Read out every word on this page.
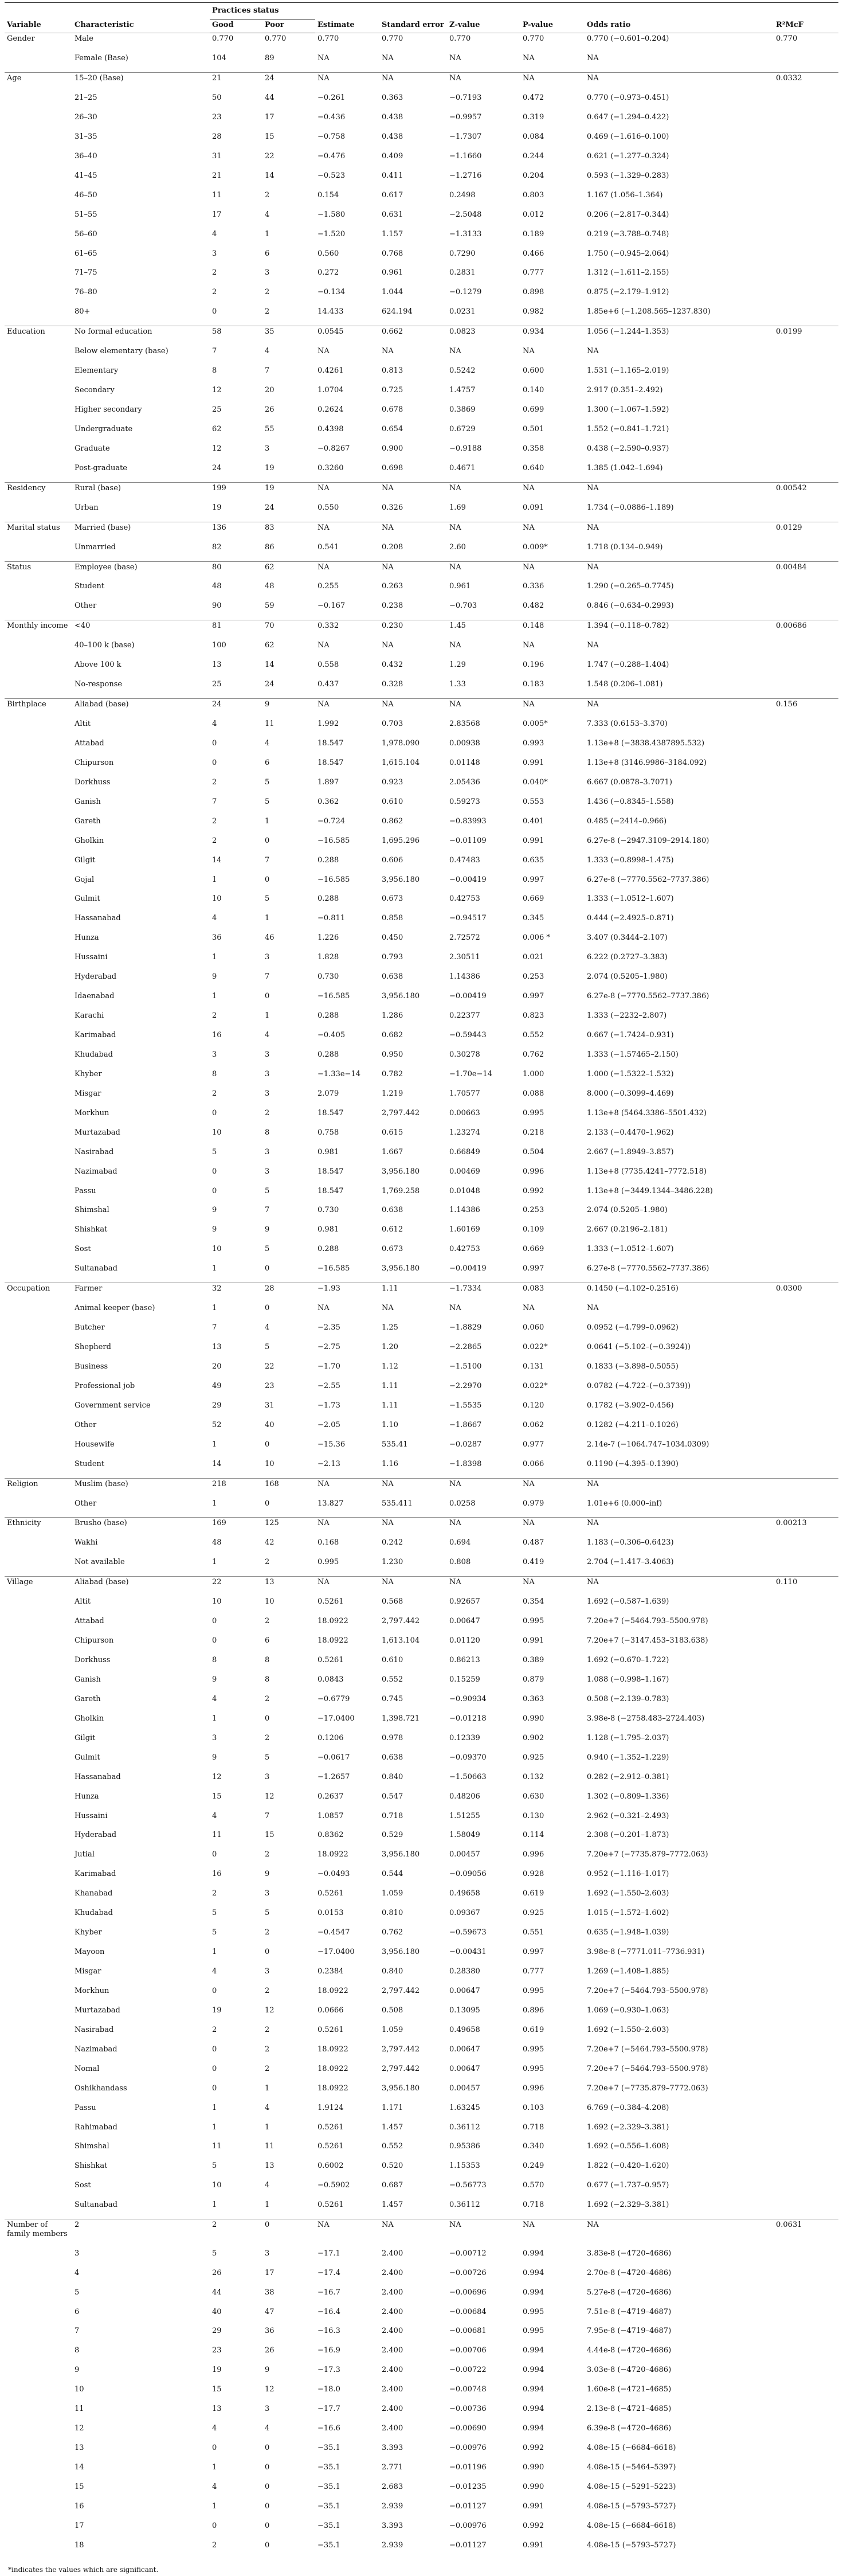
Variable	Characteristic	Practices status		Estimate	Standard error	Z-value	P-value	Odds ratio	R²McF
		Good	Poor						
Gender	Male	0.770	0.770	0.770	0.770	0.770	0.770	0.770 (−0.601–0.204)	0.770
	Female (Base)	104	89	NA	NA	NA	NA	NA	
Age	15–20 (Base)	21	24	NA	NA	NA	NA	NA	0.0332
	21–25	50	44	−0.261	0.363	−0.7193	0.472	0.770 (−0.973–0.451)	
	26–30	23	17	−0.436	0.438	−0.9957	0.319	0.647 (−1.294–0.422)	
	31–35	28	15	−0.758	0.438	−1.7307	0.084	0.469 (−1.616–0.100)	
	36–40	31	22	−0.476	0.409	−1.1660	0.244	0.621 (−1.277–0.324)	
	41–45	21	14	−0.523	0.411	−1.2716	0.204	0.593 (−1.329–0.283)	
	46–50	11	2	0.154	0.617	0.2498	0.803	1.167 (1.056–1.364)	
	51–55	17	4	−1.580	0.631	−2.5048	0.012	0.206 (−2.817–0.344)	
	56–60	4	1	−1.520	1.157	−1.3133	0.189	0.219 (−3.788–0.748)	
	61–65	3	6	0.560	0.768	0.7290	0.466	1.750 (−0.945–2.064)	
	71–75	2	3	0.272	0.961	0.2831	0.777	1.312 (−1.611–2.155)	
	76–80	2	2	−0.134	1.044	−0.1279	0.898	0.875 (−2.179–1.912)	
	80+	0	2	14.433	624.194	0.0231	0.982	1.85e+6 (−1.208.565–1237.830)	
Education	No formal education	58	35	0.0545	0.662	0.0823	0.934	1.056 (−1.244–1.353)	0.0199
	Below elementary (base)	7	4	NA	NA	NA	NA	NA	
	Elementary	8	7	0.4261	0.813	0.5242	0.600	1.531 (−1.165–2.019)	
	Secondary	12	20	1.0704	0.725	1.4757	0.140	2.917 (0.351–2.492)	
	Higher secondary	25	26	0.2624	0.678	0.3869	0.699	1.300 (−1.067–1.592)	
	Undergraduate	62	55	0.4398	0.654	0.6729	0.501	1.552 (−0.841–1.721)	
	Graduate	12	3	−0.8267	0.900	−0.9188	0.358	0.438 (−2.590–0.937)	
	Post-graduate	24	19	0.3260	0.698	0.4671	0.640	1.385 (1.042–1.694)	
Residency	Rural (base)	199	19	NA	NA	NA	NA	NA	0.00542
	Urban	19	24	0.550	0.326	1.69	0.091	1.734 (−0.0886–1.189)	
Marital status	Married (base)	136	83	NA	NA	NA	NA	NA	0.0129
	Unmarried	82	86	0.541	0.208	2.60	0.009*	1.718 (0.134–0.949)	
Status	Employee (base)	80	62	NA	NA	NA	NA	NA	0.00484
	Student	48	48	0.255	0.263	0.961	0.336	1.290 (−0.265–0.7745)	
	Other	90	59	−0.167	0.238	−0.703	0.482	0.846 (−0.634–0.2993)	
Monthly income	<40	81	70	0.332	0.230	1.45	0.148	1.394 (−0.118–0.782)	0.00686
	40–100 k (base)	100	62	NA	NA	NA	NA	NA	
	Above 100 k	13	14	0.558	0.432	1.29	0.196	1.747 (−0.288–1.404)	
	No-response	25	24	0.437	0.328	1.33	0.183	1.548 (0.206–1.081)	
Birthplace	Aliabad (base)	24	9	NA	NA	NA	NA	NA	0.156
	Altit	4	11	1.992	0.703	2.83568	0.005*	7.333 (0.6153–3.370)	
	Attabad	0	4	18.547	1,978.090	0.00938	0.993	1.13e+8 (−3838.4387895.532)	
	Chipurson	0	6	18.547	1,615.104	0.01148	0.991	1.13e+8 (3146.9986–3184.092)	
	Dorkhuss	2	5	1.897	0.923	2.05436	0.040*	6.667 (0.0878–3.7071)	
	Ganish	7	5	0.362	0.610	0.59273	0.553	1.436 (−0.8345–1.558)	
	Gareth	2	1	−0.724	0.862	−0.83993	0.401	0.485 (−2414–0.966)	
	Gholkin	2	0	−16.585	1,695.296	−0.01109	0.991	6.27e-8 (−2947.3109–2914.180)	
	Gilgit	14	7	0.288	0.606	0.47483	0.635	1.333 (−0.8998–1.475)	
	Gojal	1	0	−16.585	3,956.180	−0.00419	0.997	6.27e-8 (−7770.5562–7737.386)	
	Gulmit	10	5	0.288	0.673	0.42753	0.669	1.333 (−1.0512–1.607)	
	Hassanabad	4	1	−0.811	0.858	−0.94517	0.345	0.444 (−2.4925–0.871)	
	Hunza	36	46	1.226	0.450	2.72572	0.006 *	3.407 (0.3444–2.107)	
	Hussaini	1	3	1.828	0.793	2.30511	0.021	6.222 (0.2727–3.383)	
	Hyderabad	9	7	0.730	0.638	1.14386	0.253	2.074 (0.5205–1.980)	
	Idaenabad	1	0	−16.585	3,956.180	−0.00419	0.997	6.27e-8 (−7770.5562–7737.386)	
	Karachi	2	1	0.288	1.286	0.22377	0.823	1.333 (−2232–2.807)	
	Karimabad	16	4	−0.405	0.682	−0.59443	0.552	0.667 (−1.7424–0.931)	
	Khudabad	3	3	0.288	0.950	0.30278	0.762	1.333 (−1.57465–2.150)	
	Khyber	8	3	−1.33e−14	0.782	−1.70e−14	1.000	1.000 (−1.5322–1.532)	
	Misgar	2	3	2.079	1.219	1.70577	0.088	8.000 (−0.3099–4.469)	
	Morkhun	0	2	18.547	2,797.442	0.00663	0.995	1.13e+8 (5464.3386–5501.432)	
	Murtazabad	10	8	0.758	0.615	1.23274	0.218	2.133 (−0.4470–1.962)	
	Nasirabad	5	3	0.981	1.667	0.66849	0.504	2.667 (−1.8949–3.857)	
	Nazimabad	0	3	18.547	3,956.180	0.00469	0.996	1.13e+8 (7735.4241–7772.518)	
	Passu	0	5	18.547	1,769.258	0.01048	0.992	1.13e+8 (−3449.1344–3486.228)	
	Shimshal	9	7	0.730	0.638	1.14386	0.253	2.074 (0.5205–1.980)	
	Shishkat	9	9	0.981	0.612	1.60169	0.109	2.667 (0.2196–2.181)	
	Sost	10	5	0.288	0.673	0.42753	0.669	1.333 (−1.0512–1.607)	
	Sultanabad	1	0	−16.585	3,956.180	−0.00419	0.997	6.27e-8 (−7770.5562–7737.386)	
Occupation	Farmer	32	28	−1.93	1.11	−1.7334	0.083	0.1450 (−4.102–0.2516)	0.0300
	Animal keeper (base)	1	0	NA	NA	NA	NA	NA	
	Butcher	7	4	−2.35	1.25	−1.8829	0.060	0.0952 (−4.799–0.0962)	
	Shepherd	13	5	−2.75	1.20	−2.2865	0.022*	0.0641 (−5.102–(−0.3924))	
	Business	20	22	−1.70	1.12	−1.5100	0.131	0.1833 (−3.898–0.5055)	
	Professional job	49	23	−2.55	1.11	−2.2970	0.022*	0.0782 (−4.722–(−0.3739))	
	Government service	29	31	−1.73	1.11	−1.5535	0.120	0.1782 (−3.902–0.456)	
	Other	52	40	−2.05	1.10	−1.8667	0.062	0.1282 (−4.211–0.1026)	
	Housewife	1	0	−15.36	535.41	−0.0287	0.977	2.14e-7 (−1064.747–1034.0309)	
	Student	14	10	−2.13	1.16	−1.8398	0.066	0.1190 (−4.395–0.1390)	
Religion	Muslim (base)	218	168	NA	NA	NA	NA	NA	
	Other	1	0	13.827	535.411	0.0258	0.979	1.01e+6 (0.000–inf)	
Ethnicity	Brusho (base)	169	125	NA	NA	NA	NA	NA	0.00213
	Wakhi	48	42	0.168	0.242	0.694	0.487	1.183 (−0.306–0.6423)	
	Not available	1	2	0.995	1.230	0.808	0.419	2.704 (−1.417–3.4063)	
Village	Aliabad (base)	22	13	NA	NA	NA	NA	NA	0.110
	Altit	10	10	0.5261	0.568	0.92657	0.354	1.692 (−0.587–1.639)	
	Attabad	0	2	18.0922	2,797.442	0.00647	0.995	7.20e+7 (−5464.793–5500.978)	
	Chipurson	0	6	18.0922	1,613.104	0.01120	0.991	7.20e+7 (−3147.453–3183.638)	
	Dorkhuss	8	8	0.5261	0.610	0.86213	0.389	1.692 (−0.670–1.722)	
	Ganish	9	8	0.0843	0.552	0.15259	0.879	1.088 (−0.998–1.167)	
	Gareth	4	2	−0.6779	0.745	−0.90934	0.363	0.508 (−2.139–0.783)	
	Gholkin	1	0	−17.0400	1,398.721	−0.01218	0.990	3.98e-8 (−2758.483–2724.403)	
	Gilgit	3	2	0.1206	0.978	0.12339	0.902	1.128 (−1.795–2.037)	
	Gulmit	9	5	−0.0617	0.638	−0.09370	0.925	0.940 (−1.352–1.229)	
	Hassanabad	12	3	−1.2657	0.840	−1.50663	0.132	0.282 (−2.912–0.381)	
	Hunza	15	12	0.2637	0.547	0.48206	0.630	1.302 (−0.809–1.336)	
	Hussaini	4	7	1.0857	0.718	1.51255	0.130	2.962 (−0.321–2.493)	
	Hyderabad	11	15	0.8362	0.529	1.58049	0.114	2.308 (−0.201–1.873)	
	Jutial	0	2	18.0922	3,956.180	0.00457	0.996	7.20e+7 (−7735.879–7772.063)	
	Karimabad	16	9	−0.0493	0.544	−0.09056	0.928	0.952 (−1.116–1.017)	
	Khanabad	2	3	0.5261	1.059	0.49658	0.619	1.692 (−1.550–2.603)	
	Khudabad	5	5	0.0153	0.810	0.09367	0.925	1.015 (−1.572–1.602)	
	Khyber	5	2	−0.4547	0.762	−0.59673	0.551	0.635 (−1.948–1.039)	
	Mayoon	1	0	−17.0400	3,956.180	−0.00431	0.997	3.98e-8 (−7771.011–7736.931)	
	Misgar	4	3	0.2384	0.840	0.28380	0.777	1.269 (−1.408–1.885)	
	Morkhun	0	2	18.0922	2,797.442	0.00647	0.995	7.20e+7 (−5464.793–5500.978)	
	Murtazabad	19	12	0.0666	0.508	0.13095	0.896	1.069 (−0.930–1.063)	
	Nasirabad	2	2	0.5261	1.059	0.49658	0.619	1.692 (−1.550–2.603)	
	Nazimabad	0	2	18.0922	2,797.442	0.00647	0.995	7.20e+7 (−5464.793–5500.978)	
	Nomal	0	2	18.0922	2,797.442	0.00647	0.995	7.20e+7 (−5464.793–5500.978)	
	Oshikhandass	0	1	18.0922	3,956.180	0.00457	0.996	7.20e+7 (−7735.879–7772.063)	
	Passu	1	4	1.9124	1.171	1.63245	0.103	6.769 (−0.384–4.208)	
	Rahimabad	1	1	0.5261	1.457	0.36112	0.718	1.692 (−2.329–3.381)	
	Shimshal	11	11	0.5261	0.552	0.95386	0.340	1.692 (−0.556–1.608)	
	Shishkat	5	13	0.6002	0.520	1.15353	0.249	1.822 (−0.420–1.620)	
	Sost	10	4	−0.5902	0.687	−0.56773	0.570	0.677 (−1.737–0.957)	
	Sultanabad	1	1	0.5261	1.457	0.36112	0.718	1.692 (−2.329–3.381)	
Number of family members	2	2	0	NA	NA	NA	NA	NA	0.0631
	3	5	3	−17.1	2.400	−0.00712	0.994	3.83e-8 (−4720–4686)	
	4	26	17	−17.4	2.400	−0.00726	0.994	2.70e-8 (−4720–4686)	
	5	44	38	−16.7	2.400	−0.00696	0.994	5.27e-8 (−4720–4686)	
	6	40	47	−16.4	2.400	−0.00684	0.995	7.51e-8 (−4719–4687)	
	7	29	36	−16.3	2.400	−0.00681	0.995	7.95e-8 (−4719–4687)	
	8	23	26	−16.9	2.400	−0.00706	0.994	4.44e-8 (−4720–4686)	
	9	19	9	−17.3	2.400	−0.00722	0.994	3.03e-8 (−4720–4686)	
	10	15	12	−18.0	2.400	−0.00748	0.994	1.60e-8 (−4721–4685)	
	11	13	3	−17.7	2.400	−0.00736	0.994	2.13e-8 (−4721–4685)	
	12	4	4	−16.6	2.400	−0.00690	0.994	6.39e-8 (−4720–4686)	
	13	0	0	−35.1	3.393	−0.00976	0.992	4.08e-15 (−6684–6618)	
	14	1	0	−35.1	2.771	−0.01196	0.990	4.08e-15 (−5464–5397)	
	15	4	0	−35.1	2.683	−0.01235	0.990	4.08e-15 (−5291–5223)	
	16	1	0	−35.1	2.939	−0.01127	0.991	4.08e-15 (−5793–5727)	
	17	0	0	−35.1	3.393	−0.00976	0.992	4.08e-15 (−6684–6618)	
	18	2	0	−35.1	2.939	−0.01127	0.991	4.08e-15 (−5793–5727)	
*indicates the values which are significant.
